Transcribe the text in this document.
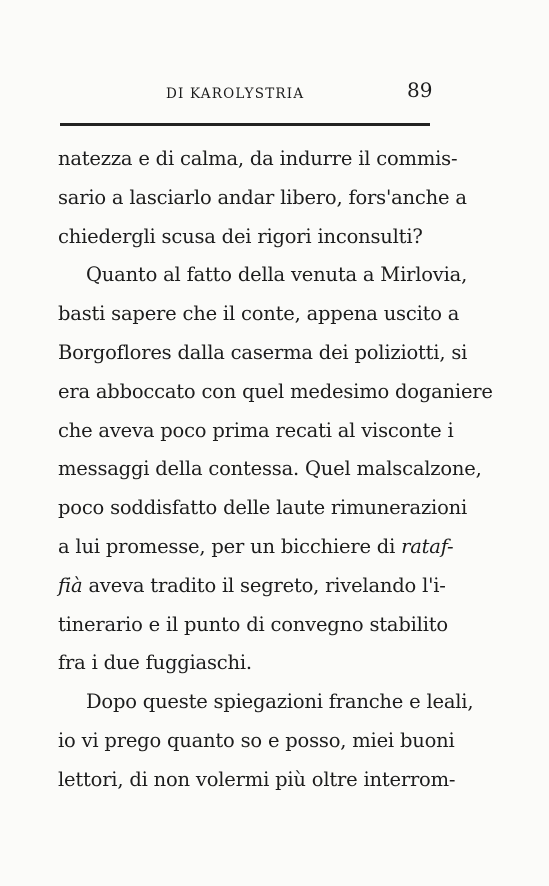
DI KAROLYSTRIA	89
natezza e di calma, da indurre il commis-
sario a lasciarlo andar libero, fors'anche a
chiedergli scusa dei rigori inconsulti?
Quanto al fatto della venuta a Mirlovia,
basti sapere che il conte, appena uscito a
Borgoflores dalla caserma dei poliziotti, si
era abboccato con quel medesimo doganiere
che aveva poco prima recati al visconte i
messaggi della contessa. Quel malscalzone,
poco soddisfatto delle laute rimunerazioni
a lui promesse, per un bicchiere di rataf-
fià aveva tradito il segreto, rivelando l'i-
tinerario e il punto di convegno stabilito
fra i due fuggiaschi.
Dopo queste spiegazioni franche e leali,
io vi prego quanto so e posso, miei buoni
lettori, di non volermi più oltre interrom-
